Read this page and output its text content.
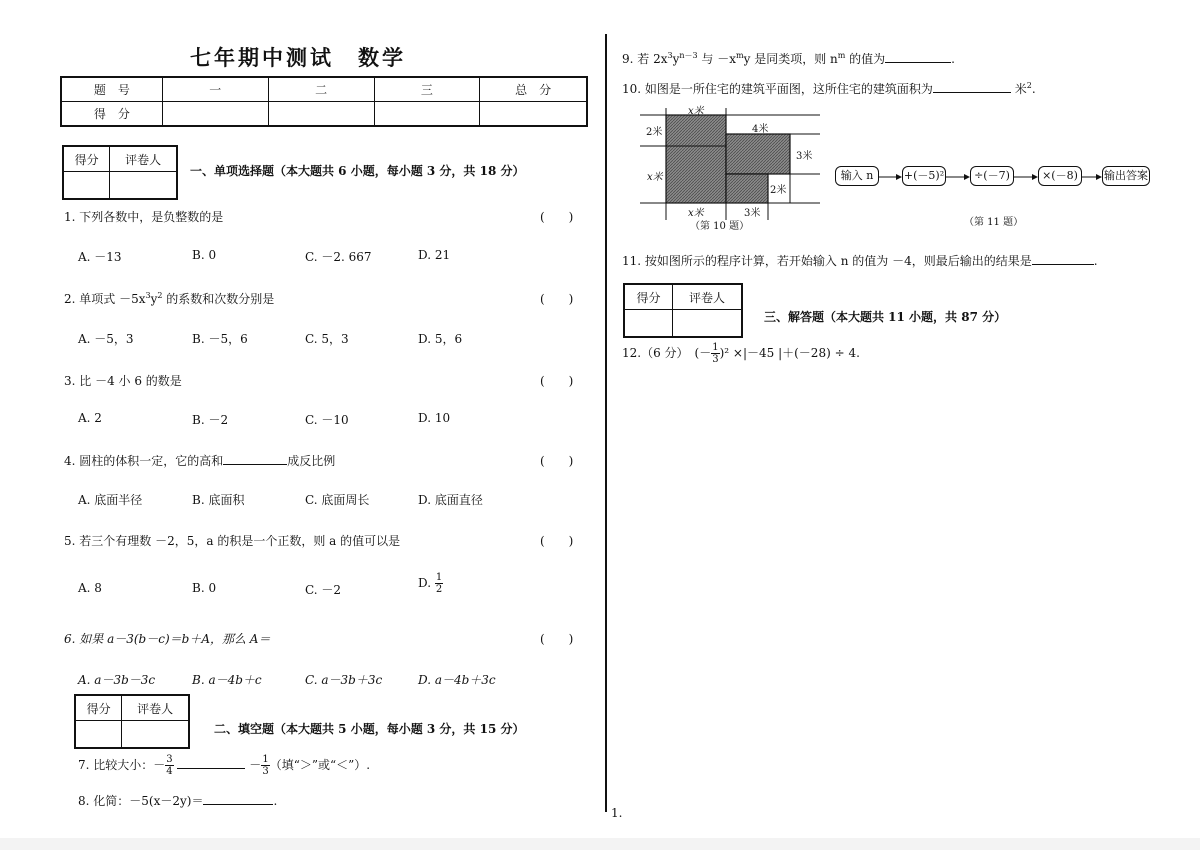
七年期中测试　数学
题　号	一	二	三	总　分
得　分				
得分	评卷人

一、单项选择题（本大题共 6 小题，每小题 3 分，共 18 分）
1. 下列各数中，是负整数的是	(　　)
A. －13	B. 0	C. －2. 667	D. 21
2. 单项式 $-5x^3y^2$ 的系数和次数分别是	(　　)
A. －5，3	B. －5，6	C. 5，3	D. 5，6
3. 比 －4 小 6 的数是	(　　)
A. 2	B. －2	C. －10	D. 10
4. 圆柱的体积一定，它的高和	成反比例	(　　)
A. 底面半径	B. 底面积	C. 底面周长	D. 底面直径
5. 若三个有理数 －2，5，a 的积是一个正数，则 a 的值可以是	(　　)
A. 8	B. 0	C. －2	D. $\frac{1}{2}$
6. 如果 a－3(b－c)＝b＋A，那么 A＝	(　　)
A. a－3b－3c	B. a－4b＋c	C. a－3b＋3c	D. a－4b＋3c
得分	评卷人

二、填空题（本大题共 5 小题，每小题 3 分，共 15 分）
7. 比较大小：－ $\frac{3}{4}$	－ $\frac{1}{3}$ （填“＞”或“＜”）.
8. 化简：－5(x－2y)＝	.
9. 若 $2x^3y^{n-3}$ 与 $-x^my$ 是同类项，则 $n^m$ 的值为	.
10. 如图是一所住宅的建筑平面图，这所住宅的建筑面积为	米$^2$.
x米
2米	4米
x米
3米
2米
x米	3米
（第 10 题）
输入 n	+(－5)²	÷(－7)	×(－8)	输出答案
（第 11 题）
11. 按如图所示的程序计算，若开始输入 n 的值为 －4，则最后输出的结果是	.
得分	评卷人

三、解答题（本大题共 11 小题，共 87 分）
12.（6 分）　(－ $\frac{1}{3} )^2 \times|-45$ |＋(－28) ÷ 4.
1.
